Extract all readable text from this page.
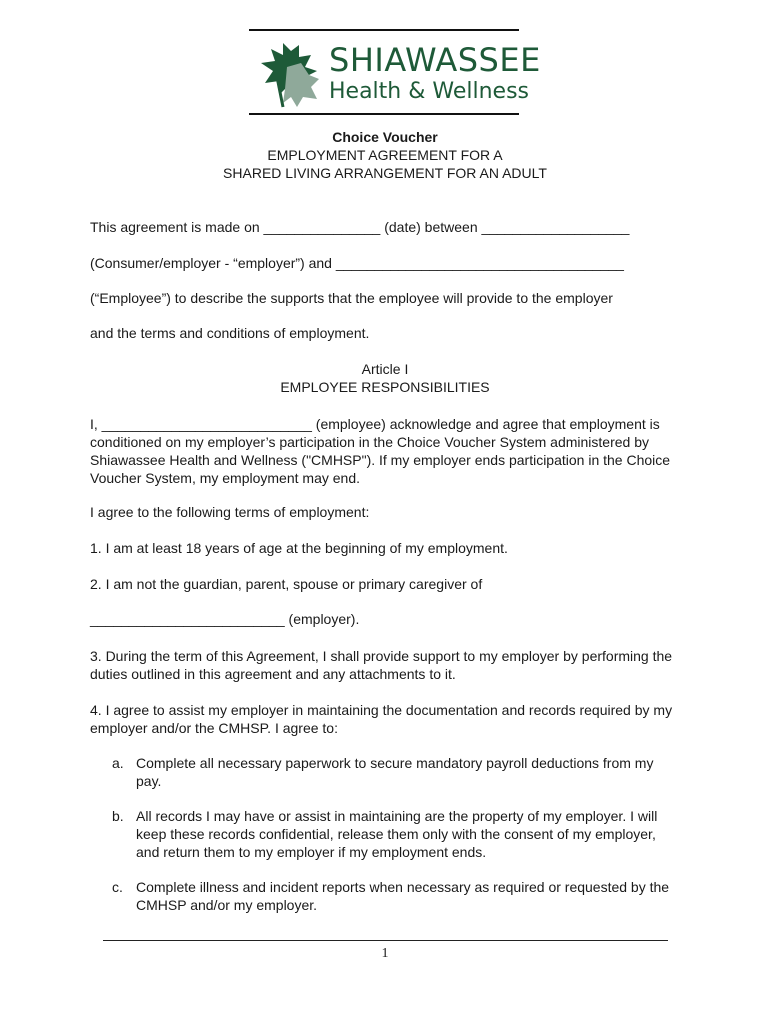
SHIAWASSEE
Health & Wellness
Choice Voucher
EMPLOYMENT AGREEMENT FOR A
SHARED LIVING ARRANGEMENT FOR AN ADULT
This agreement is made on _______________ (date) between ___________________
(Consumer/employer - “employer”) and _____________________________________
(“Employee”) to describe the supports that the employee will provide to the employer
and the terms and conditions of employment.
Article I
EMPLOYEE RESPONSIBILITIES
I, ___________________________ (employee) acknowledge and agree that employment is conditioned on my employer’s participation in the Choice Voucher System administered by Shiawassee Health and Wellness ("CMHSP"). If my employer ends participation in the Choice Voucher System, my employment may end.
I agree to the following terms of employment:
1. I am at least 18 years of age at the beginning of my employment.
2. I am not the guardian, parent, spouse or primary caregiver of
_________________________ (employer).
3. During the term of this Agreement, I shall provide support to my employer by performing the duties outlined in this agreement and any attachments to it.
4. I agree to assist my employer in maintaining the documentation and records required by my employer and/or the CMHSP. I agree to:
a. Complete all necessary paperwork to secure mandatory payroll deductions from my pay.
b. All records I may have or assist in maintaining are the property of my employer. I will keep these records confidential, release them only with the consent of my employer, and return them to my employer if my employment ends.
c. Complete illness and incident reports when necessary as required or requested by the CMHSP and/or my employer.
1
